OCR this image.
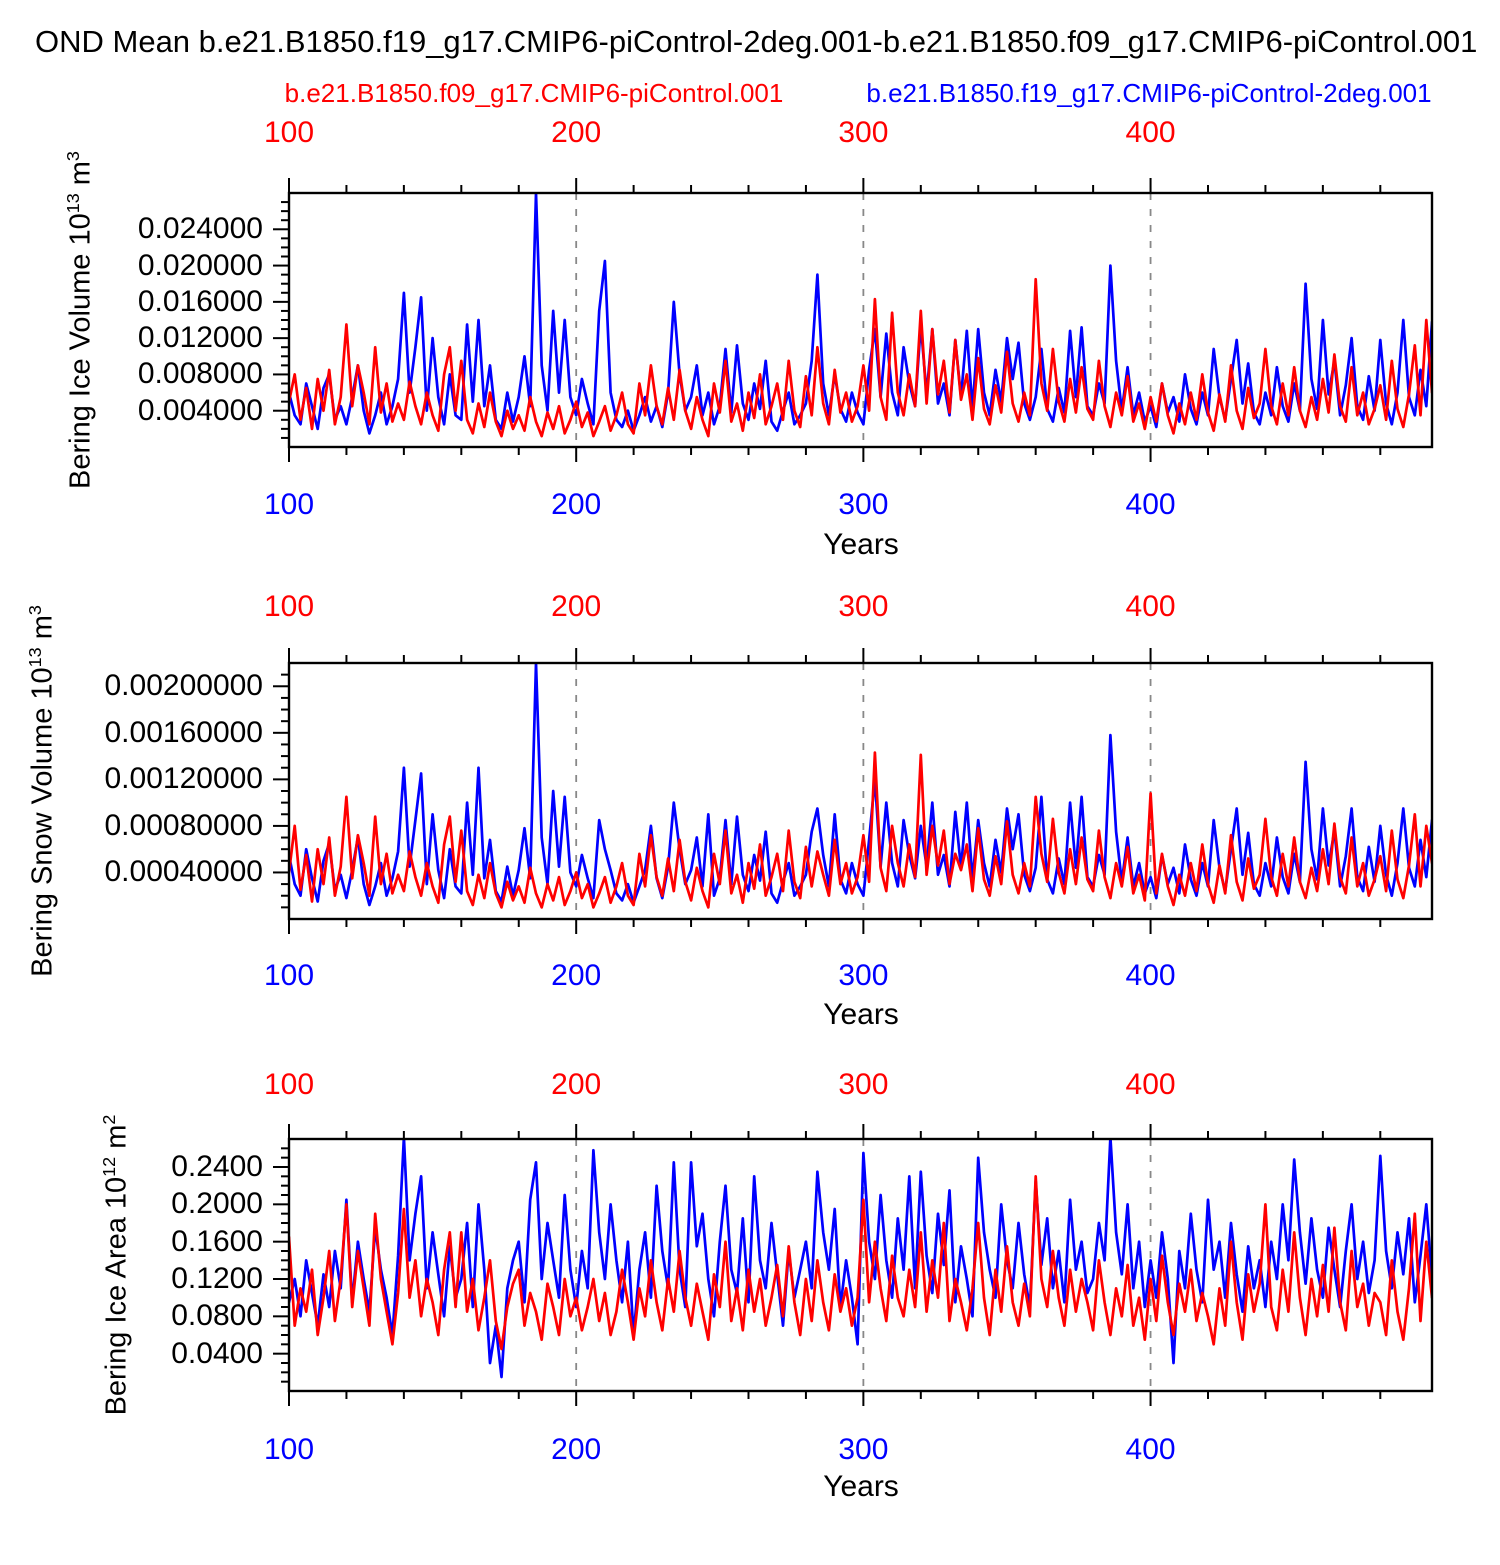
OND Mean b.e21.B1850.f19_g17.CMIP6-piControl-2deg.001-b.e21.B1850.f09_g17.CMIP6-piControl.001
b.e21.B1850.f09_g17.CMIP6-piControl.001	b.e21.B1850.f19_g17.CMIP6-piControl-2deg.001
Bering Ice Volume $10^{13}$ $m^3$
Bering Snow Volume $10^{13}$ $m^3$
Bering Ice Area $10^{12}$ $m^2$
Years
Years
Years
100
100
200
200
300
300
400
400
0.004000
0.008000
0.012000
0.016000
0.020000
0.024000
100
100
200
200
300
300
400
400
0.00040000
0.00080000
0.00120000
0.00160000
0.00200000
100
100
200
200
300
300
400
400
0.0400
0.0800
0.1200
0.1600
0.2000
0.2400
